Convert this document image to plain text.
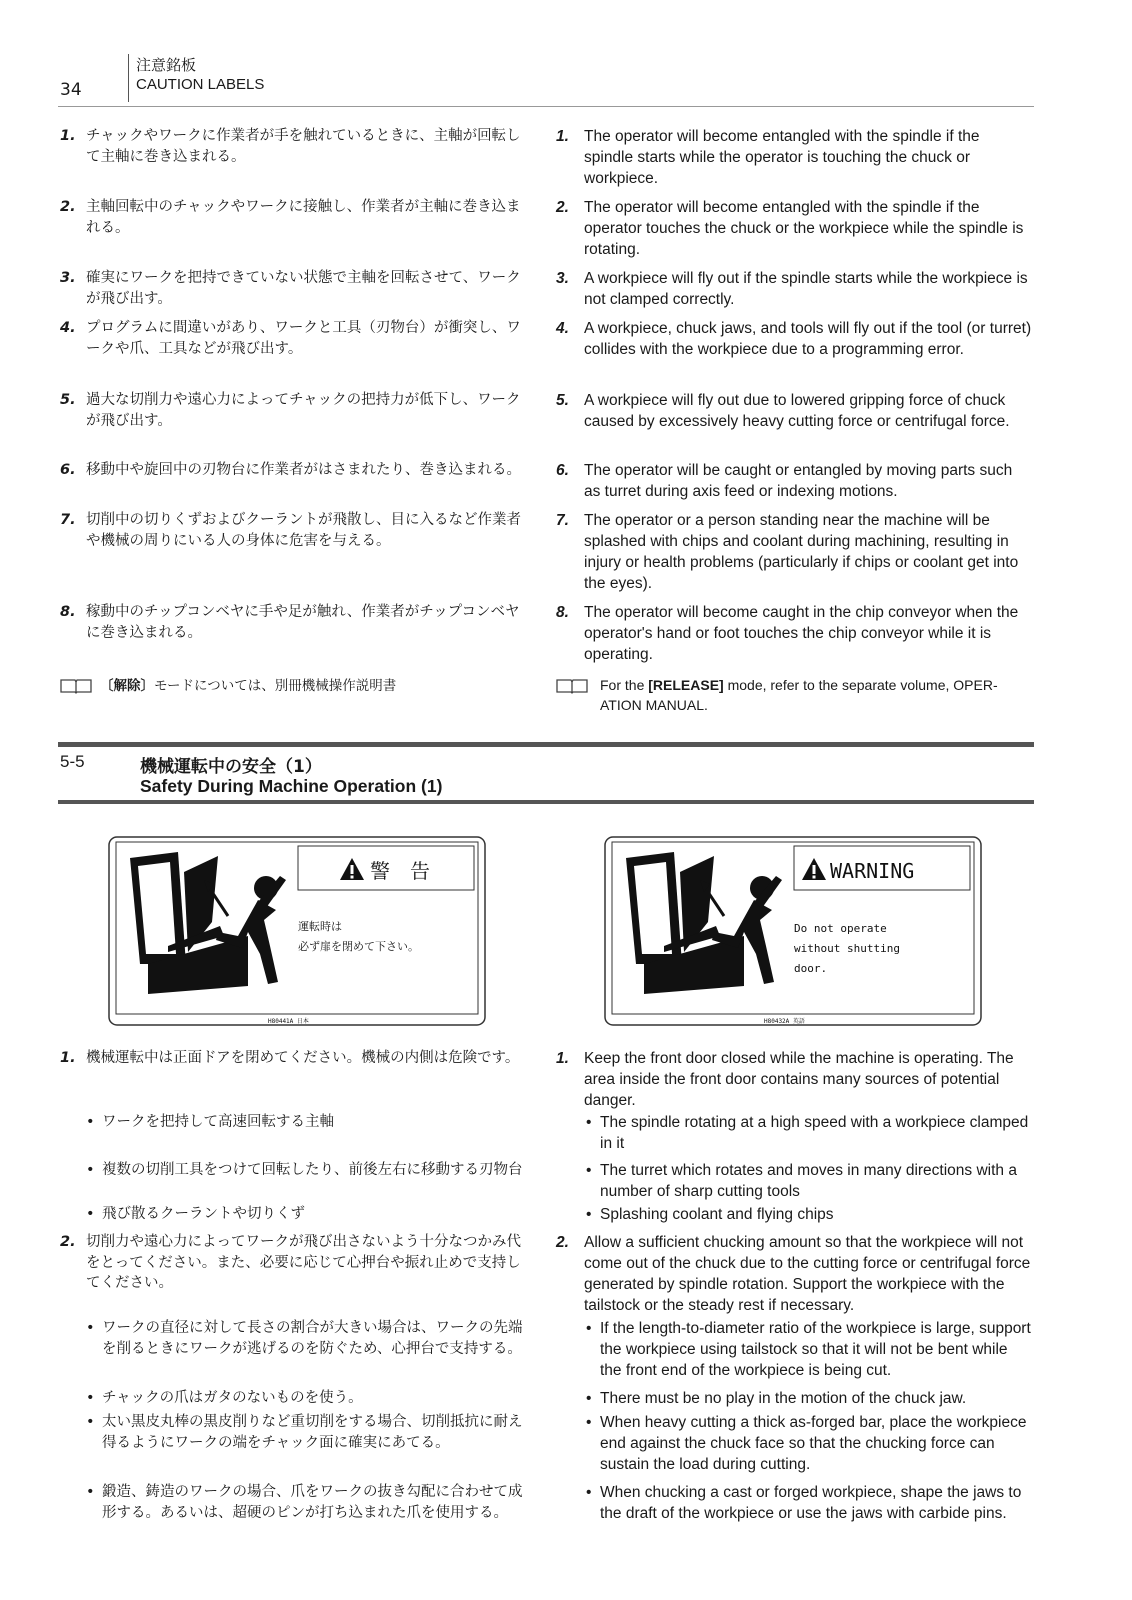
34
注意銘板
CAUTION LABELS
1. チャックやワークに作業者が手を触れているときに、主軸が回転して主軸に巻き込まれる。
2. 主軸回転中のチャックやワークに接触し、作業者が主軸に巻き込まれる。
3. 確実にワークを把持できていない状態で主軸を回転させて、ワークが飛び出す。
4. プログラムに間違いがあり、ワークと工具（刃物台）が衝突し、ワークや爪、工具などが飛び出す。
5. 過大な切削力や遠心力によってチャックの把持力が低下し、ワークが飛び出す。
6. 移動中や旋回中の刃物台に作業者がはさまれたり、巻き込まれる。
7. 切削中の切りくずおよびクーラントが飛散し、目に入るなど作業者や機械の周りにいる人の身体に危害を与える。
8. 稼動中のチップコンベヤに手や足が触れ、作業者がチップコンベヤに巻き込まれる。
〔解除〕モードについては、別冊機械操作説明書
1. The operator will become entangled with the spindle if the spindle starts while the operator is touching the chuck or workpiece.
2. The operator will become entangled with the spindle if the operator touches the chuck or the workpiece while the spindle is rotating.
3. A workpiece will fly out if the spindle starts while the workpiece is not clamped correctly.
4. A workpiece, chuck jaws, and tools will fly out if the tool (or turret) collides with the workpiece due to a programming error.
5. A workpiece will fly out due to lowered gripping force of chuck caused by excessively heavy cutting force or centrifugal force.
6. The operator will be caught or entangled by moving parts such as turret during axis feed or indexing motions.
7. The operator or a person standing near the machine will be splashed with chips and coolant during machining, resulting in injury or health problems (particularly if chips or coolant get into the eyes).
8. The operator will become caught in the chip conveyor when the operator's hand or foot touches the chip conveyor while it is operating.
For the [RELEASE] mode, refer to the separate volume, OPER-ATION MANUAL.
5-5	機械運転中の安全（1）
Safety During Machine Operation (1)
警　告
運転時は
必ず扉を閉めて下さい。
H80441A 日本
WARNING
Do not operate
without shutting
door.
H80432A 英語
1. 機械運転中は正面ドアを閉めてください。機械の内側は危険です。
• ワークを把持して高速回転する主軸
• 複数の切削工具をつけて回転したり、前後左右に移動する刃物台
• 飛び散るクーラントや切りくず
2. 切削力や遠心力によってワークが飛び出さないよう十分なつかみ代をとってください。また、必要に応じて心押台や振れ止めで支持してください。
• ワークの直径に対して長さの割合が大きい場合は、ワークの先端を削るときにワークが逃げるのを防ぐため、心押台で支持する。
• チャックの爪はガタのないものを使う。
• 太い黒皮丸棒の黒皮削りなど重切削をする場合、切削抵抗に耐え得るようにワークの端をチャック面に確実にあてる。
• 鍛造、鋳造のワークの場合、爪をワークの抜き勾配に合わせて成形する。あるいは、超硬のピンが打ち込まれた爪を使用する。
1. Keep the front door closed while the machine is operating. The area inside the front door contains many sources of potential danger.
• The spindle rotating at a high speed with a workpiece clamped in it
• The turret which rotates and moves in many directions with a number of sharp cutting tools
• Splashing coolant and flying chips
2. Allow a sufficient chucking amount so that the workpiece will not come out of the chuck due to the cutting force or centrifugal force generated by spindle rotation. Support the workpiece with the tailstock or the steady rest if necessary.
• If the length-to-diameter ratio of the workpiece is large, support the workpiece using tailstock so that it will not be bent while the front end of the workpiece is being cut.
• There must be no play in the motion of the chuck jaw.
• When heavy cutting a thick as-forged bar, place the workpiece end against the chuck face so that the chucking force can sustain the load during cutting.
• When chucking a cast or forged workpiece, shape the jaws to the draft of the workpiece or use the jaws with carbide pins.
